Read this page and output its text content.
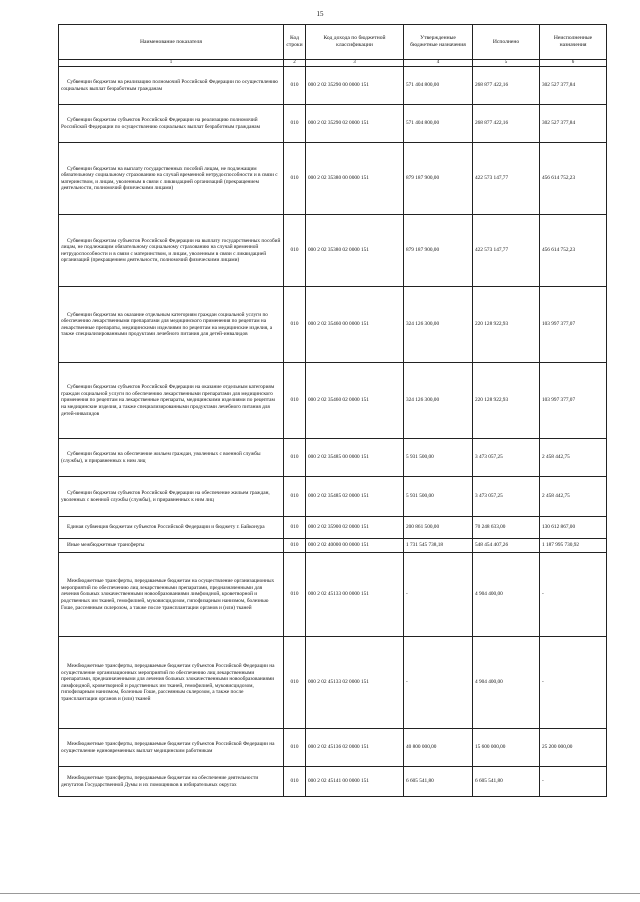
15
Наименование показателя	Код строки	Код дохода по бюджетной классификации	Утвержденные бюджетные назначения	Исполнено	Неисполненные назначения
1	2	3	4	5	6
Субвенции бюджетам на реализацию полномочий Российской Федерации по осуществлению социальных выплат безработным гражданам	010	000 2 02 35290 00 0000 151	571 404 800,00	268 877 422,16	302 527 377,84
Субвенции бюджетам субъектов Российской Федерации на реализацию полномочий Российской Федерации по осуществлению социальных выплат безработным гражданам	010	000 2 02 35290 02 0000 151	571 404 800,00	268 877 422,16	302 527 377,84
Субвенции бюджетам на выплату государственных пособий лицам, не подлежащим обязательному социальному страхованию на случай временной нетрудоспособности и в связи с материнством, и лицам, уволенным в связи с ликвидацией организаций (прекращением деятельности, полномочий физическими лицами)	010	000 2 02 35380 00 0000 151	879 187 900,00	422 573 147,77	456 614 752,23
Субвенции бюджетам субъектов Российской Федерации на выплату государственных пособий лицам, не подлежащим обязательному социальному страхованию на случай временной нетрудоспособности и в связи с материнством, и лицам, уволенным в связи с ликвидацией организаций (прекращением деятельности, полномочий физическими лицами)	010	000 2 02 35380 02 0000 151	879 187 900,00	422 573 147,77	456 614 752,23
Субвенции бюджетам на оказание отдельным категориям граждан социальной услуги по обеспечению лекарственными препаратами для медицинского применения по рецептам на лекарственные препараты, медицинскими изделиями по рецептам на медицинские изделия, а также специализированными продуктами лечебного питания для детей-инвалидов	010	000 2 02 35460 00 0000 151	324 126 300,00	220 128 922,93	103 997 377,07
Субвенции бюджетам субъектов Российской Федерации на оказание отдельным категориям граждан социальной услуги по обеспечению лекарственными препаратами для медицинского применения по рецептам на лекарственные препараты, медицинскими изделиями по рецептам на медицинские изделия, а также специализированными продуктами лечебного питания для детей-инвалидов	010	000 2 02 35460 02 0000 151	324 126 300,00	220 128 922,93	103 997 377,07
Субвенции бюджетам на обеспечение жильем граждан, уволенных с военной службы (службы), и приравненных к ним лиц	010	000 2 02 35485 00 0000 151	5 931 500,00	3 473 057,25	2 458 442,75
Субвенции бюджетам субъектов Российской Федерации на обеспечение жильем граждан, уволенных с военной службы (службы), и приравненных к ним лиц	010	000 2 02 35485 02 0000 151	5 931 500,00	3 473 057,25	2 458 442,75
Единая субвенция бюджетам субъектов Российской Федерации и бюджету г. Байконура	010	000 2 02 35900 02 0000 151	200 861 500,00	70 248 633,00	130 612 867,00
Иные межбюджетные трансферты	010	000 2 02 40000 00 0000 151	1 731 545 738,18	548 454 407,26	1 187 995 730,92
Межбюджетные трансферты, передаваемые бюджетам на осуществление организационных мероприятий по обеспечению лиц лекарственными препаратами, предназначенными для лечения больных злокачественными новообразованиями лимфоидной, кроветворной и родственных им тканей, гемофилией, муковисцидозом, гипофизарным нанизмом, болезнью Гоше, рассеянным склерозом, а также после трансплантации органов и (или) тканей	010	000 2 02 45133 00 0000 151	-	4 904 400,00	-
Межбюджетные трансферты, передаваемые бюджетам субъектов Российской Федерации на осуществление организационных мероприятий по обеспечению лиц лекарственными препаратами, предназначенными для лечения больных злокачественными новообразованиями лимфоидной, кроветворной и родственных им тканей, гемофилией, муковисцидозом, гипофизарным нанизмом, болезнью Гоше, рассеянным склерозом, а также после трансплантации органов и (или) тканей	010	000 2 02 45133 02 0000 151	-	4 904 400,00	-
Межбюджетные трансферты, передаваемые бюджетам субъектов Российской Федерации на осуществление единовременных выплат медицинским работникам	010	000 2 02 45136 02 0000 151	40 800 000,00	15 600 000,00	25 200 000,00
Межбюджетные трансферты, передаваемые бюджетам на обеспечение деятельности депутатов Государственной Думы и их помощников в избирательных округах	010	000 2 02 45141 00 0000 151	6 605 541,80	6 605 541,80	-
